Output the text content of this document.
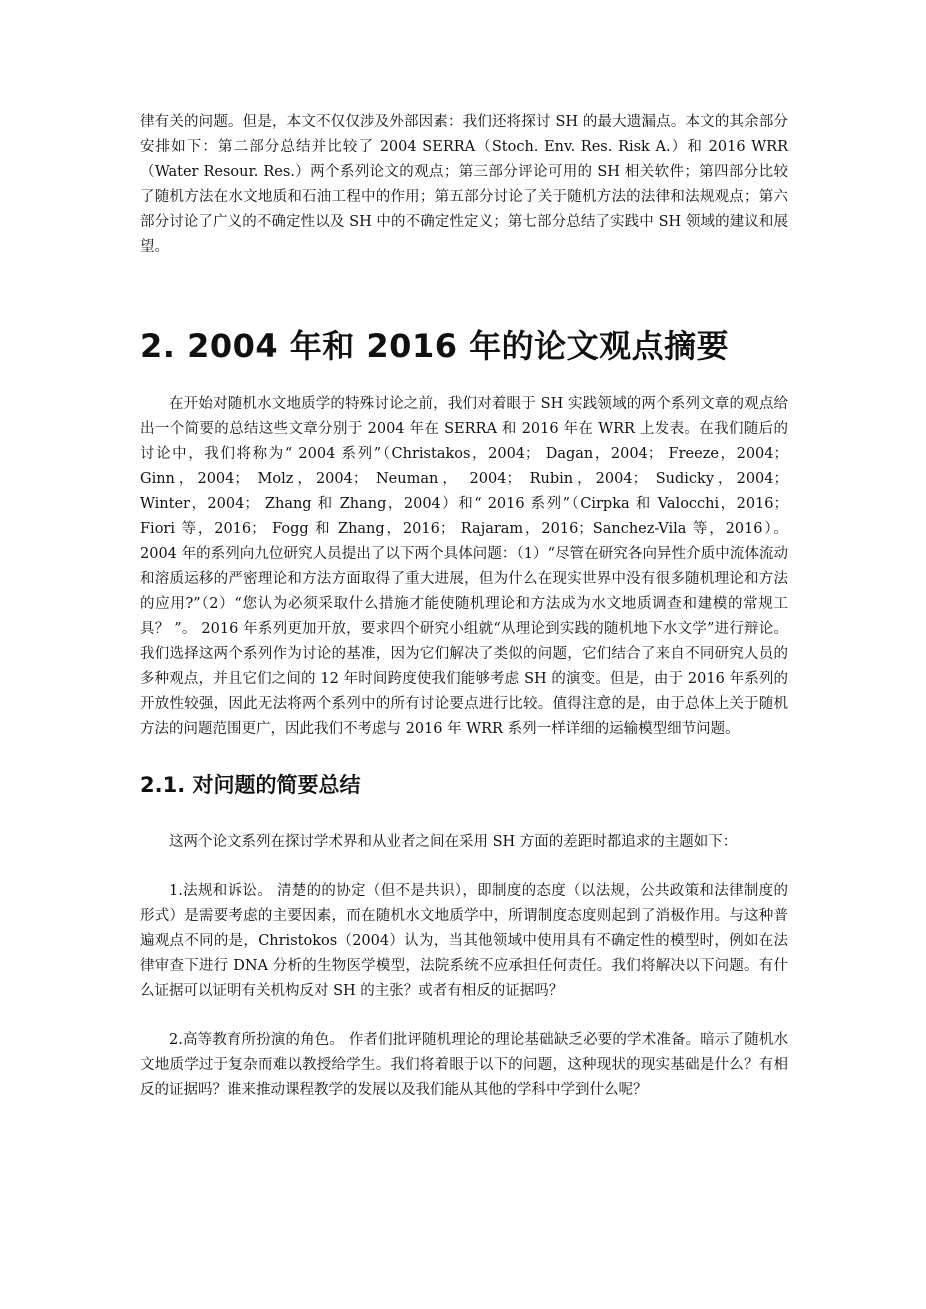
律有关的问题。但是，本文不仅仅涉及外部因素：我们还将探讨 SH 的最大遗漏点。本文的其余部分安排如下：第二部分总结并比较了 2004 SERRA（Stoch. Env. Res. Risk A.）和 2016 WRR（Water Resour. Res.）两个系列论文的观点；第三部分评论可用的 SH 相关软件；第四部分比较了随机方法在水文地质和石油工程中的作用；第五部分讨论了关于随机方法的法律和法规观点；第六部分讨论了广义的不确定性以及 SH 中的不确定性定义；第七部分总结了实践中 SH 领域的建议和展望。

2. 2004 年和 2016 年的论文观点摘要

在开始对随机水文地质学的特殊讨论之前，我们对着眼于 SH 实践领域的两个系列文章的观点给出一个简要的总结这些文章分别于 2004 年在 SERRA 和 2016 年在 WRR 上发表。在我们随后的讨论中，我们将称为“ 2004 系列”（Christakos，2004； Dagan，2004； Freeze，2004； Ginn，2004； Molz，2004； Neuman， 2004； Rubin，2004； Sudicky，2004； Winter，2004； Zhang 和 Zhang，2004）和“ 2016 系列”（Cirpka 和 Valocchi，2016； Fiori 等，2016； Fogg 和 Zhang，2016； Rajaram，2016；Sanchez-Vila 等，2016）。 2004 年的系列向九位研究人员提出了以下两个具体问题：（1）“尽管在研究各向异性介质中流体流动和溶质运移的严密理论和方法方面取得了重大进展，但为什么在现实世界中没有很多随机理论和方法的应用?”（2）“您认为必须采取什么措施才能使随机理论和方法成为水文地质调查和建模的常规工具？ ”。 2016 年系列更加开放，要求四个研究小组就“从理论到实践的随机地下水文学”进行辩论。我们选择这两个系列作为讨论的基准，因为它们解决了类似的问题，它们结合了来自不同研究人员的多种观点，并且它们之间的 12 年时间跨度使我们能够考虑 SH 的演变。但是，由于 2016 年系列的开放性较强，因此无法将两个系列中的所有讨论要点进行比较。值得注意的是，由于总体上关于随机方法的问题范围更广，因此我们不考虑与 2016 年 WRR 系列一样详细的运输模型细节问题。

2.1. 对问题的简要总结

这两个论文系列在探讨学术界和从业者之间在采用 SH 方面的差距时都追求的主题如下：

1.法规和诉讼。 清楚的的协定（但不是共识），即制度的态度（以法规，公共政策和法律制度的形式）是需要考虑的主要因素，而在随机水文地质学中，所谓制度态度则起到了消极作用。与这种普遍观点不同的是，Christokos（2004）认为，当其他领域中使用具有不确定性的模型时，例如在法律审查下进行 DNA 分析的生物医学模型，法院系统不应承担任何责任。我们将解决以下问题。有什么证据可以证明有关机构反对 SH 的主张？或者有相反的证据吗？

2.高等教育所扮演的角色。 作者们批评随机理论的理论基础缺乏必要的学术准备。暗示了随机水文地质学过于复杂而难以教授给学生。我们将着眼于以下的问题，这种现状的现实基础是什么？有相反的证据吗？谁来推动课程教学的发展以及我们能从其他的学科中学到什么呢？
